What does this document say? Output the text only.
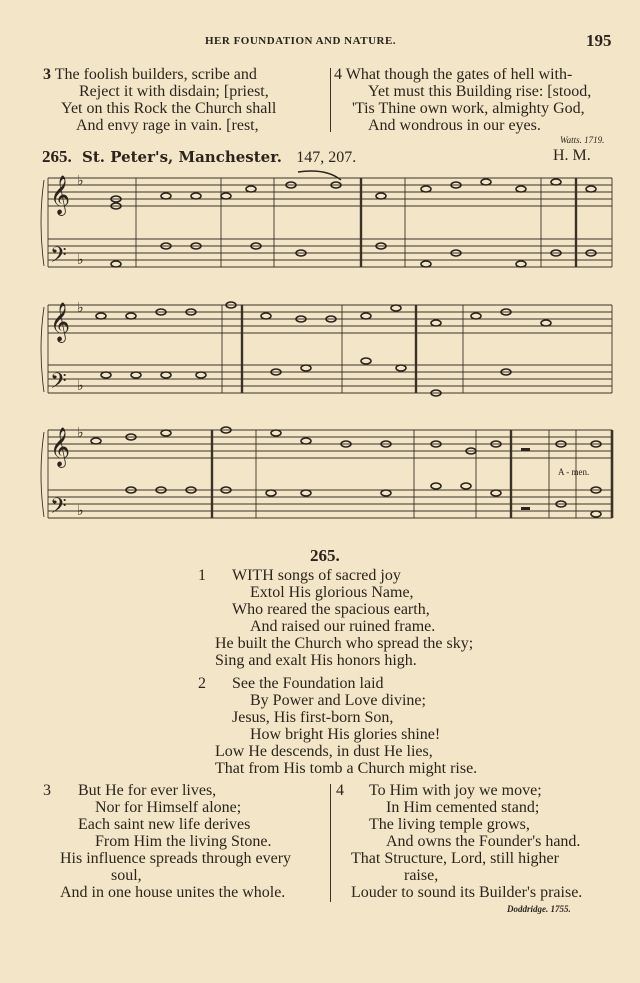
HER FOUNDATION AND NATURE.	195
3 The foolish builders, scribe and
Reject it with disdain; [priest,
Yet on this Rock the Church shall
And envy rage in vain. [rest,
4 What though the gates of hell with-
Yet must this Building rise: [stood,
'Tis Thine own work, almighty God,
And wondrous in our eyes.
Watts. 1719.
265. St. Peter's, Manchester. 147, 207.	H. M.
𝄞
𝄢
𝄞
𝄢
𝄞
𝄢
♭
♭
♭
♭
♭
♭
A - men.
265.
1 WITH songs of sacred joy
Extol His glorious Name,
Who reared the spacious earth,
And raised our ruined frame.
He built the Church who spread the sky;
Sing and exalt His honors high.
2 See the Foundation laid
By Power and Love divine;
Jesus, His first-born Son,
How bright His glories shine!
Low He descends, in dust He lies,
That from His tomb a Church might rise.
3 But He for ever lives,
Nor for Himself alone;
Each saint new life derives
From Him the living Stone.
His influence spreads through every
soul,
And in one house unites the whole.
4 To Him with joy we move;
In Him cemented stand;
The living temple grows,
And owns the Founder's hand.
That Structure, Lord, still higher
raise,
Louder to sound its Builder's praise.
Doddridge. 1755.
